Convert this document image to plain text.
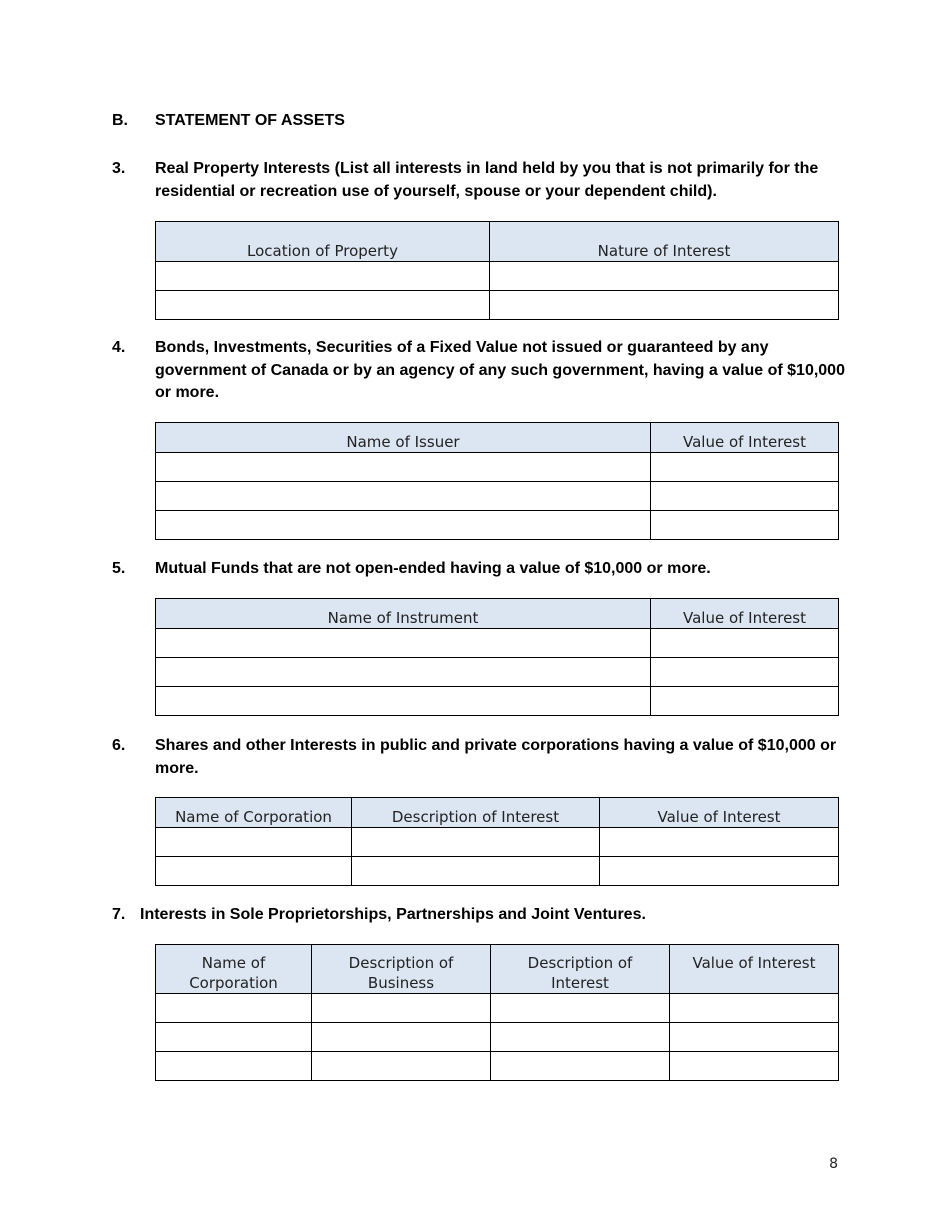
B. STATEMENT OF ASSETS
3. Real Property Interests (List all interests in land held by you that is not primarily for the residential or recreation use of yourself, spouse or your dependent child).
Location of Property	Nature of Interest

4. Bonds, Investments, Securities of a Fixed Value not issued or guaranteed by any government of Canada or by an agency of any such government, having a value of $10,000 or more.
Name of Issuer	Value of Interest

5. Mutual Funds that are not open-ended having a value of $10,000 or more.
Name of Instrument	Value of Interest

6. Shares and other Interests in public and private corporations having a value of $10,000 or more.
Name of Corporation	Description of Interest	Value of Interest

7. Interests in Sole Proprietorships, Partnerships and Joint Ventures.
Name of Corporation	Description of Business	Description of Interest	Value of Interest

8
